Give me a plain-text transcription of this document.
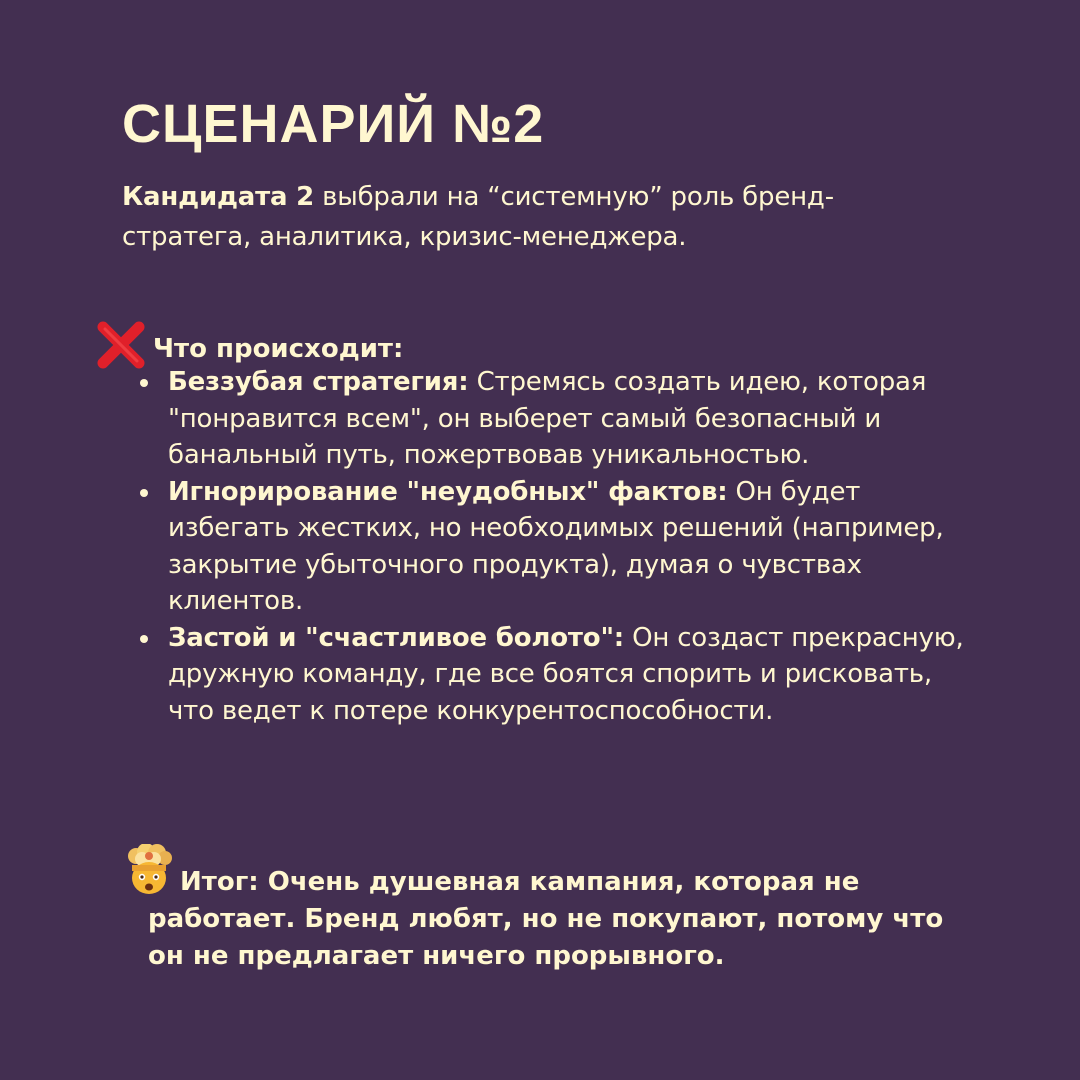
СЦЕНАРИЙ №2

Кандидата 2 выбрали на “системную” роль бренд-стратега, аналитика, кризис-менеджера.

Что происходит:
Беззубая стратегия: Стремясь создать идею, которая "понравится всем", он выберет самый безопасный и банальный путь, пожертвовав уникальностью.
Игнорирование "неудобных" фактов: Он будет избегать жестких, но необходимых решений (например, закрытие убыточного продукта), думая о чувствах клиентов.
Застой и "счастливое болото": Он создаст прекрасную, дружную команду, где все боятся спорить и рисковать, что ведет к потере конкурентоспособности.

Итог: Очень душевная кампания, которая не работает. Бренд любят, но не покупают, потому что он не предлагает ничего прорывного.
